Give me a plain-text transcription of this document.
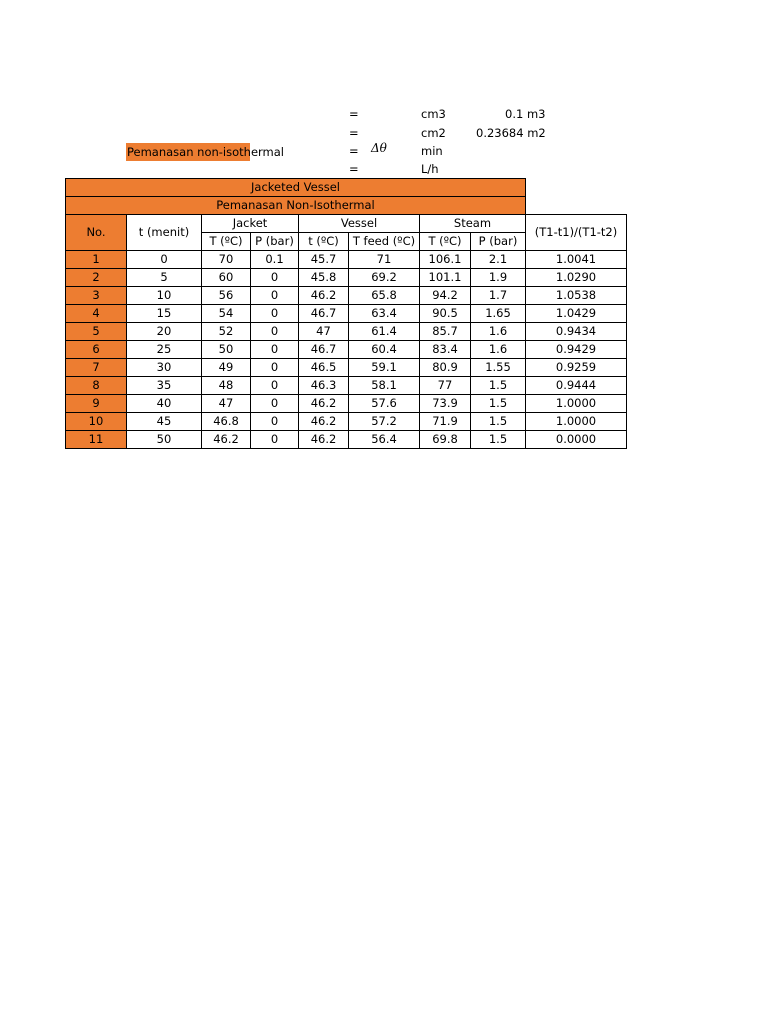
=	cm3	0.1 m3
=	cm2	0.23684 m2
Pemanasan non-isothermal	= Δθ	min
=	L/h
Jacketed Vessel								
Pemanasan Non-Isothermal								
No.	t (menit)	Jacket		Vessel		Steam		(T1-t1)/(T1-t2)
		T (ºC)	P (bar)	t (ºC)	T feed (ºC)	T (ºC)	P (bar)	
1	0	70	0.1	45.7	71	106.1	2.1	1.0041
2	5	60	0	45.8	69.2	101.1	1.9	1.0290
3	10	56	0	46.2	65.8	94.2	1.7	1.0538
4	15	54	0	46.7	63.4	90.5	1.65	1.0429
5	20	52	0	47	61.4	85.7	1.6	0.9434
6	25	50	0	46.7	60.4	83.4	1.6	0.9429
7	30	49	0	46.5	59.1	80.9	1.55	0.9259
8	35	48	0	46.3	58.1	77	1.5	0.9444
9	40	47	0	46.2	57.6	73.9	1.5	1.0000
10	45	46.8	0	46.2	57.2	71.9	1.5	1.0000
11	50	46.2	0	46.2	56.4	69.8	1.5	0.0000
